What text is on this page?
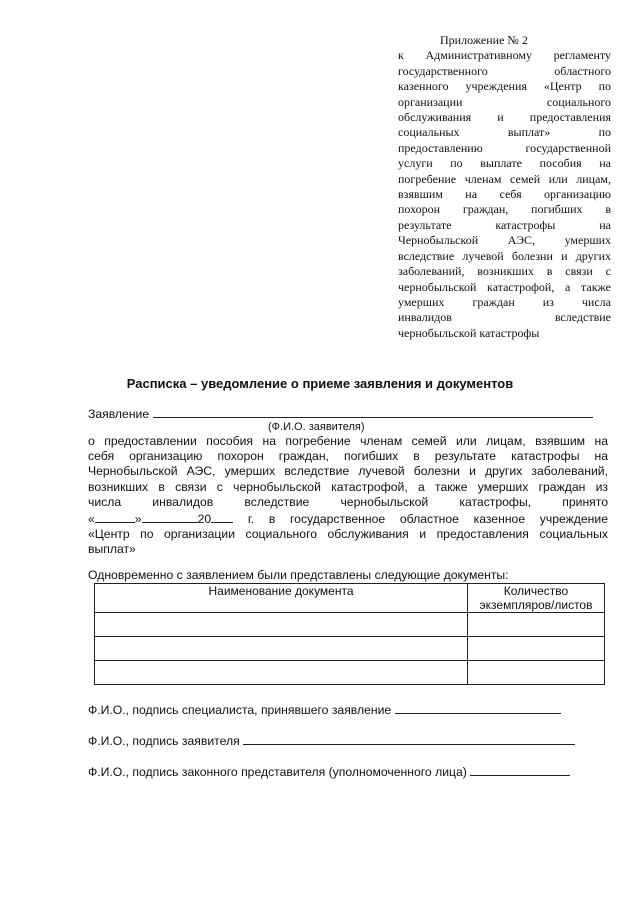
Приложение № 2
к Административному регламенту
государственного областного
казенного учреждения «Центр по
организации социального
обслуживания и предоставления
социальных выплат» по
предоставлению государственной
услуги по выплате пособия на
погребение членам семей или лицам,
взявшим на себя организацию
похорон граждан, погибших в
результате катастрофы на
Чернобыльской АЭС, умерших
вследствие лучевой болезни и других
заболеваний, возникших в связи с
чернобыльской катастрофой, а также
умерших граждан из числа
инвалидов вследствие
чернобыльской катастрофы
Расписка – уведомление о приеме заявления и документов
Заявление
(Ф.И.О. заявителя)
о предоставлении пособия на погребение членам семей или лицам, взявшим на
себя организацию похорон граждан, погибших в результате катастрофы на
Чернобыльской АЭС, умерших вследствие лучевой болезни и других заболеваний,
возникших в связи с чернобыльской катастрофой, а также умерших граждан из
числа инвалидов вследствие чернобыльской катастрофы, принято
«	»	20	г. в государственное областное казенное учреждение
«Центр по организации социального обслуживания и предоставления социальных
выплат»
Одновременно с заявлением были представлены следующие документы:
Наименование документа	Количество
экземпляров/листов

Ф.И.О., подпись специалиста, принявшего заявление
Ф.И.О., подпись заявителя
Ф.И.О., подпись законного представителя (уполномоченного лица)
